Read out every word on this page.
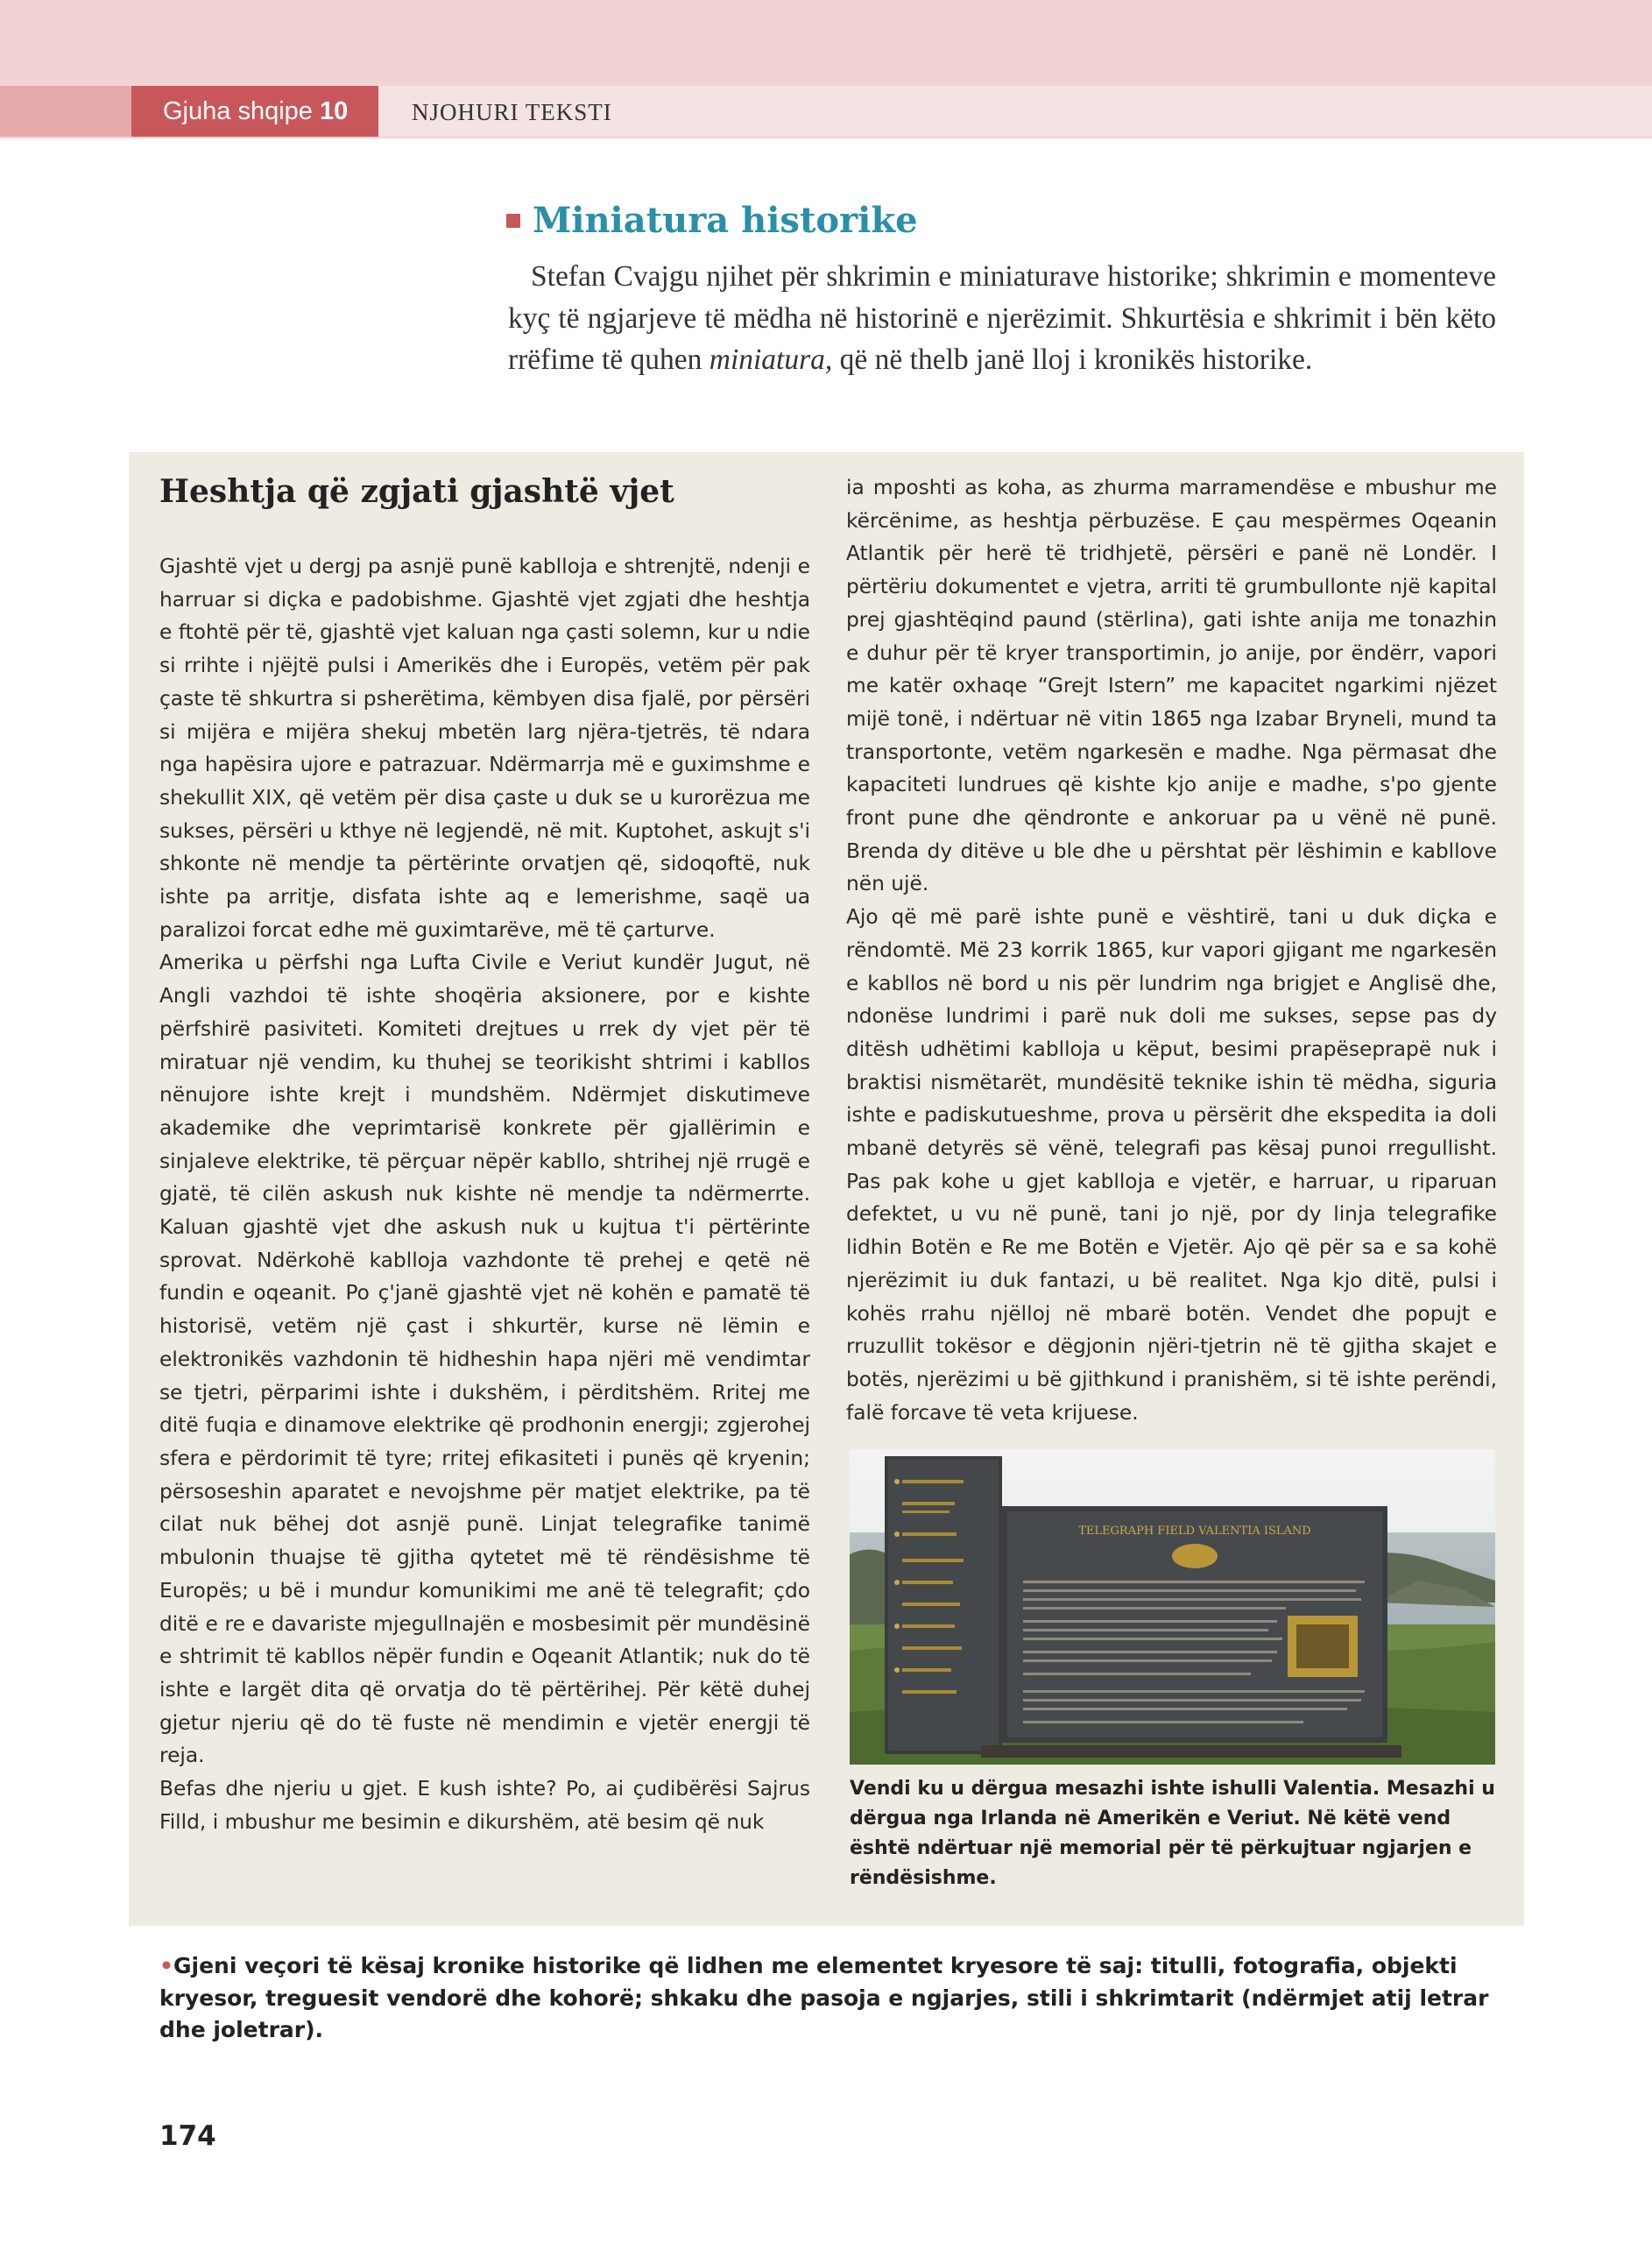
Gjuha shqipe 10	NJOHURI TEKSTI
Miniatura historike
Stefan Cvajgu njihet për shkrimin e miniaturave historike; shkrimin e momenteve kyç të ngjarjeve të mëdha në historinë e njerëzimit. Shkurtësia e shkrimit i bën këto rrëfime të quhen miniatura, që në thelb janë lloj i kronikës historike.
Heshtja që zgjati gjashtë vjet

Gjashtë vjet u dergj pa asnjë punë kablloja e shtrenjtë, ndenji e harruar si diçka e padobishme. Gjashtë vjet zgjati dhe heshtja e ftohtë për të, gjashtë vjet kaluan nga çasti solemn, kur u ndie si rrihte i njëjtë pulsi i Amerikës dhe i Europës, vetëm për pak çaste të shkurtra si psherëtima, këmbyen disa fjalë, por përsëri si mijëra e mijëra shekuj mbetën larg njëra-tjetrës, të ndara nga hapësira ujore e patrazuar. Ndërmarrja më e guximshme e shekullit XIX, që vetëm për disa çaste u duk se u kurorëzua me sukses, përsëri u kthye në legjendë, në mit. Kuptohet, askujt s'i shkonte në mendje ta përtërinte orvatjen që, sidoqoftë, nuk ishte pa arritje, disfata ishte aq e lemerishme, saqë ua paralizoi forcat edhe më guximtarëve, më të çarturve.

Amerika u përfshi nga Lufta Civile e Veriut kundër Jugut, në Angli vazhdoi të ishte shoqëria aksionere, por e kishte përfshirë pasiviteti. Komiteti drejtues u rrek dy vjet për të miratuar një vendim, ku thuhej se teorikisht shtrimi i kabllos nënujore ishte krejt i mundshëm. Ndërmjet diskutimeve akademike dhe veprimtarisë konkrete për gjallërimin e sinjaleve elektrike, të përçuar nëpër kabllo, shtrihej një rrugë e gjatë, të cilën askush nuk kishte në mendje ta ndërmerrte. Kaluan gjashtë vjet dhe askush nuk u kujtua t'i përtërinte sprovat. Ndërkohë kablloja vazhdonte të prehej e qetë në fundin e oqeanit. Po ç'janë gjashtë vjet në kohën e pamatë të historisë, vetëm një çast i shkurtër, kurse në lëmin e elektronikës vazhdonin të hidheshin hapa njëri më vendimtar se tjetri, përparimi ishte i dukshëm, i përditshëm. Rritej me ditë fuqia e dinamove elektrike që prodhonin energji; zgjerohej sfera e përdorimit të tyre; rritej efikasiteti i punës që kryenin; përsoseshin aparatet e nevojshme për matjet elektrike, pa të cilat nuk bëhej dot asnjë punë. Linjat telegrafike tanimë mbulonin thuajse të gjitha qytetet më të rëndësishme të Europës; u bë i mundur komunikimi me anë të telegrafit; çdo ditë e re e davariste mjegullnajën e mosbesimit për mundësinë e shtrimit të kabllos nëpër fundin e Oqeanit Atlantik; nuk do të ishte e largët dita që orvatja do të përtërihej. Për këtë duhej gjetur njeriu që do të fuste në mendimin e vjetër energji të reja.

Befas dhe njeriu u gjet. E kush ishte? Po, ai çudibërësi Sajrus Filld, i mbushur me besimin e dikurshëm, atë besim që nuk

ia mposhti as koha, as zhurma marramendëse e mbushur me kërcënime, as heshtja përbuzëse. E çau mespërmes Oqeanin Atlantik për herë të tridhjetë, përsëri e panë në Londër. I përtëriu dokumentet e vjetra, arriti të grumbullonte një kapital prej gjashtëqind paund (stërlina), gati ishte anija me tonazhin e duhur për të kryer transportimin, jo anije, por ëndërr, vapori me katër oxhaqe “Grejt Istern” me kapacitet ngarkimi njëzet mijë tonë, i ndërtuar në vitin 1865 nga Izabar Bryneli, mund ta transportonte, vetëm ngarkesën e madhe. Nga përmasat dhe kapaciteti lundrues që kishte kjo anije e madhe, s'po gjente front pune dhe qëndronte e ankoruar pa u vënë në punë. Brenda dy ditëve u ble dhe u përshtat për lëshimin e kabllove nën ujë.

Ajo që më parë ishte punë e vështirë, tani u duk diçka e rëndomtë. Më 23 korrik 1865, kur vapori gjigant me ngarkesën e kabllos në bord u nis për lundrim nga brigjet e Anglisë dhe, ndonëse lundrimi i parë nuk doli me sukses, sepse pas dy ditësh udhëtimi kablloja u këput, besimi prapëseprapë nuk i braktisi nismëtarët, mundësitë teknike ishin të mëdha, siguria ishte e padiskutueshme, prova u përsërit dhe ekspedita ia doli mbanë detyrës së vënë, telegrafi pas kësaj punoi rregullisht. Pas pak kohe u gjet kablloja e vjetër, e harruar, u riparuan defektet, u vu në punë, tani jo një, por dy linja telegrafike lidhin Botën e Re me Botën e Vjetër. Ajo që për sa e sa kohë njerëzimit iu duk fantazi, u bë realitet. Nga kjo ditë, pulsi i kohës rrahu njëlloj në mbarë botën. Vendet dhe popujt e rruzullit tokësor e dëgjonin njëri-tjetrin në të gjitha skajet e botës, njerëzimi u bë gjithkund i pranishëm, si të ishte perëndi, falë forcave të veta krijuese.

TELEGRAPH FIELD VALENTIA ISLAND
Vendi ku u dërgua mesazhi ishte ishulli Valentia. Mesazhi u dërgua nga Irlanda në Amerikën e Veriut. Në këtë vend është ndërtuar një memorial për të përkujtuar ngjarjen e rëndësishme.
•Gjeni veçori të kësaj kronike historike që lidhen me elementet kryesore të saj: titulli, fotografia, objekti kryesor, treguesit vendorë dhe kohorë; shkaku dhe pasoja e ngjarjes, stili i shkrimtarit (ndërmjet atij letrar dhe joletrar).
174
